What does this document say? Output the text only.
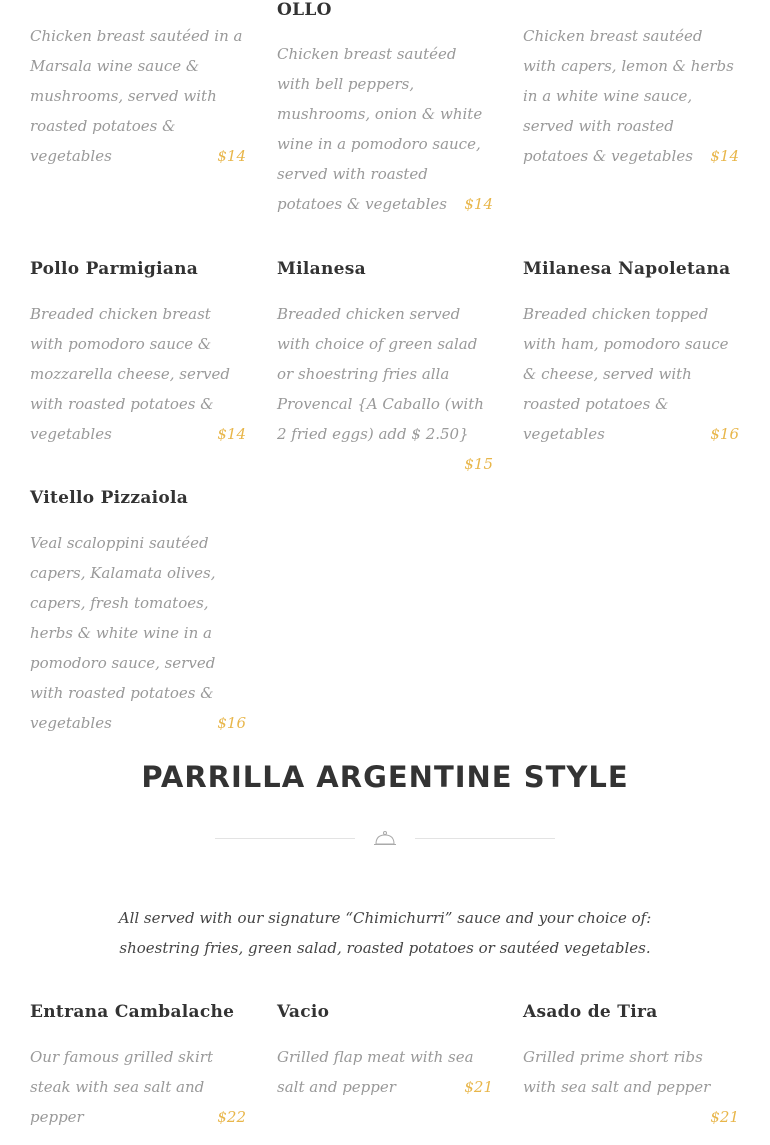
Chicken breast sautéed in a Marsala wine sauce & mushrooms, served with roasted potatoes & vegetables	$14

OLLO

Chicken breast sautéed with bell peppers, mushrooms, onion & white wine in a pomodoro sauce, served with roasted potatoes & vegetables $14

Chicken breast sautéed with capers, lemon & herbs in a white wine sauce, served with roasted potatoes & vegetables $14

Pollo Parmigiana

Breaded chicken breast with pomodoro sauce & mozzarella cheese, served with roasted potatoes & vegetables	$14

Milanesa

Breaded chicken served with choice of green salad or shoestring fries alla Provencal {A Caballo (with 2 fried eggs) add $ 2.50}
$15

Milanesa Napoletana

Breaded chicken topped with ham, pomodoro sauce & cheese, served with roasted potatoes & vegetables	$16

Vitello Pizzaiola

Veal scaloppini sautéed capers, Kalamata olives, capers, fresh tomatoes, herbs & white wine in a pomodoro sauce, served with roasted potatoes & vegetables	$16

PARRILLA ARGENTINE STYLE

All served with our signature “Chimichurri” sauce and your choice of:
shoestring fries, green salad, roasted potatoes or sautéed vegetables.

Entrana Cambalache

Our famous grilled skirt steak with sea salt and pepper	$22

Vacio

Grilled flap meat with sea salt and pepper	$21

Asado de Tira

Grilled prime short ribs with sea salt and pepper
$21
